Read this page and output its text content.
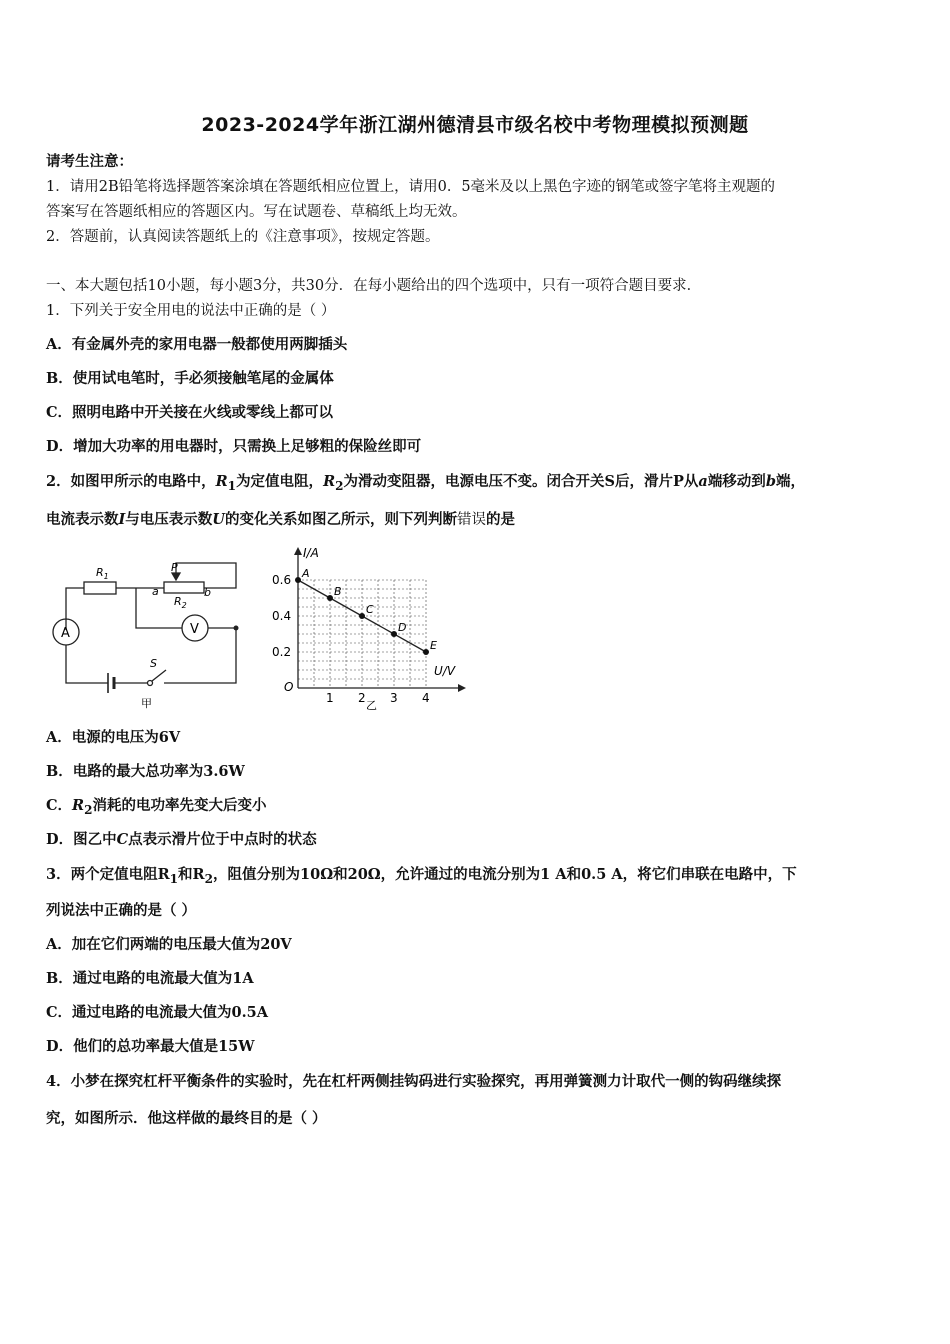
2023-2024学年浙江湖州德清县市级名校中考物理模拟预测题
请考生注意：
1．请用2B铅笔将选择题答案涂填在答题纸相应位置上，请用0．5毫米及以上黑色字迹的钢笔或签字笔将主观题的
答案写在答题纸相应的答题区内。写在试题卷、草稿纸上均无效。
2．答题前，认真阅读答题纸上的《注意事项》，按规定答题。
一、本大题包括10小题，每小题3分，共30分．在每小题给出的四个选项中，只有一项符合题目要求．
1．下列关于安全用电的说法中正确的是（ ）
A．有金属外壳的家用电器一般都使用两脚插头
B．使用试电笔时，手必须接触笔尾的金属体
C．照明电路中开关接在火线或零线上都可以
D．增加大功率的用电器时，只需换上足够粗的保险丝即可
2．如图甲所示的电路中，$R_1$为定值电阻，$R_2$为滑动变阻器，电源电压不变。闭合开关S后，滑片P从a端移动到b端，
电流表示数I与电压表示数U的变化关系如图乙所示，则下列判断错误的是
$R_1$
$R_2$
P
a	b
A	V
S
甲	1 2 3 4
0.6
0.4
0.2
A
B
C
D
E
I/A
U/V
O
乙
A．电源的电压为6V
B．电路的最大总功率为3.6W
C．$R_2$消耗的电功率先变大后变小
D．图乙中C点表示滑片位于中点时的状态
3．两个定值电阻$R_1$和$R_2$，阻值分别为10Ω和20Ω，允许通过的电流分别为1 A和0.5 A，将它们串联在电路中，下
列说法中正确的是（ ）
A．加在它们两端的电压最大值为20V
B．通过电路的电流最大值为1A
C．通过电路的电流最大值为0.5A
D．他们的总功率最大值是15W
4．小梦在探究杠杆平衡条件的实验时，先在杠杆两侧挂钩码进行实验探究，再用弹簧测力计取代一侧的钩码继续探
究，如图所示．他这样做的最终目的是（ ）
